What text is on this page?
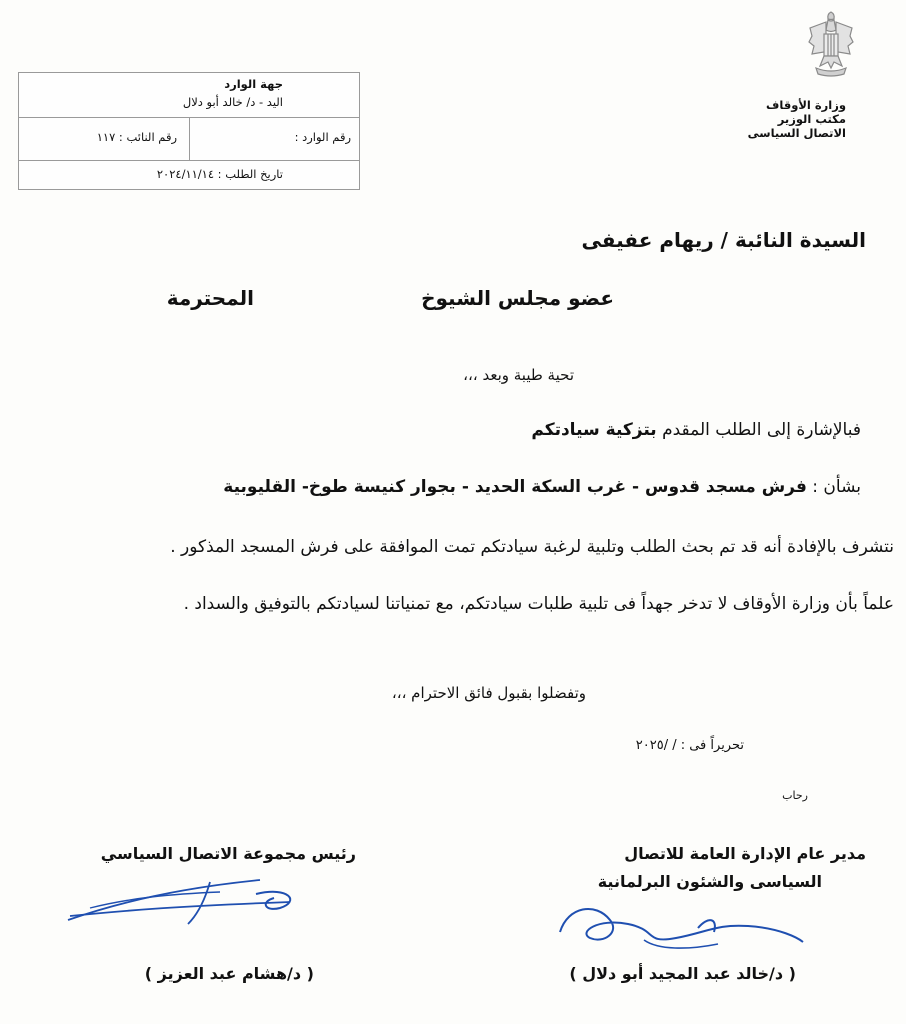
وزارة الأوقاف
مكتب الوزير
الاتصال السياسى
جهة الوارد
اليد - د/ خالد أبو دلال
رقم الوارد :
رقم النائب : ١١٧
تاريخ الطلب : ٢٠٢٤/١١/١٤
السيدة النائبة / ريهام عفيفى
عضو مجلس الشيوخ
المحترمة
تحية طيبة وبعد ،،،
فبالإشارة إلى الطلب المقدم بتزكية سيادتكم
بشأن : فرش مسجد قدوس - غرب السكة الحديد - بجوار كنيسة طوخ- القليوبية
نتشرف بالإفادة أنه قد تم بحث الطلب وتلبية لرغبة سيادتكم تمت الموافقة على فرش المسجد المذكور .
علماً بأن وزارة الأوقاف لا تدخر جهداً فى تلبية طلبات سيادتكم، مع تمنياتنا لسيادتكم بالتوفيق والسداد .
وتفضلوا بقبول فائق الاحترام ،،،
تحريراً فى : / /٢٠٢٥
رحاب
مدير عام الإدارة العامة للاتصال
السياسى والشئون البرلمانية
( د/خالد عبد المجيد أبو دلال )
رئيس مجموعة الاتصال السياسي
( د/هشام عبد العزيز )
